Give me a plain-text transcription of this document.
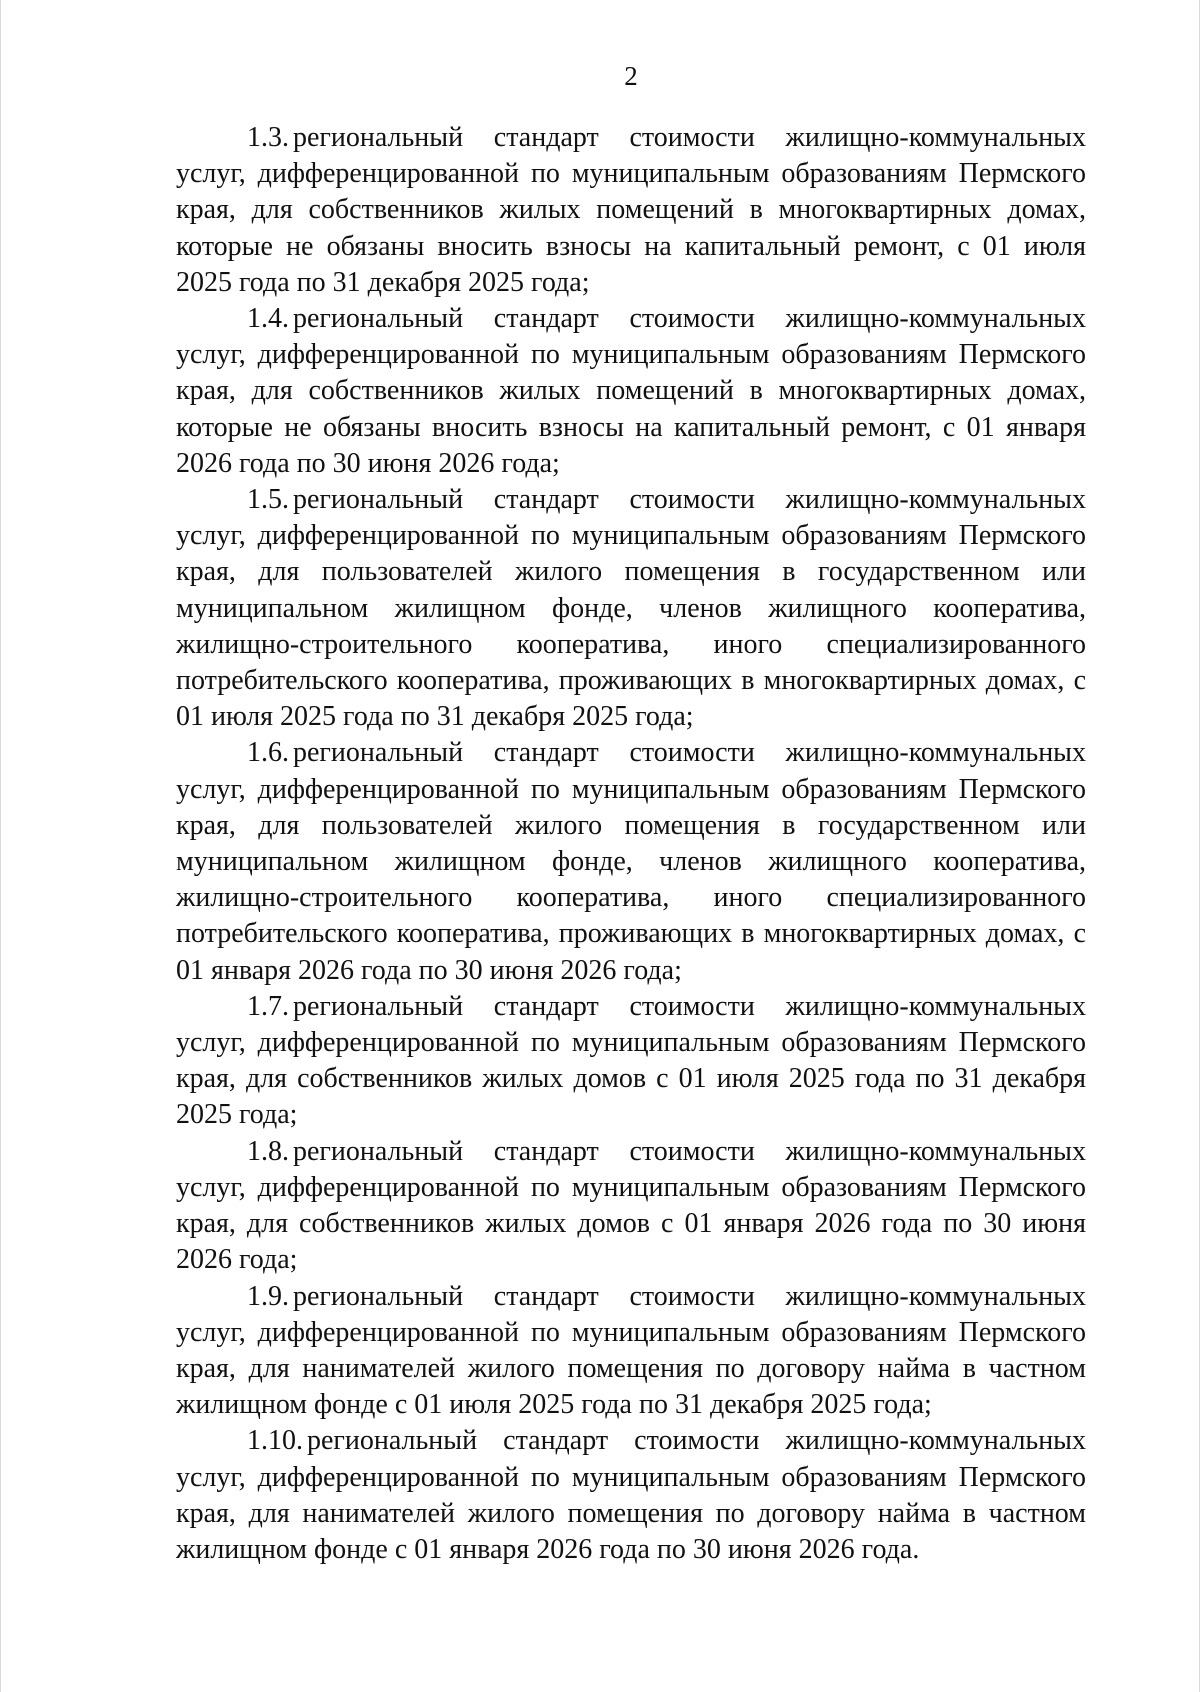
2

1.3. региональный стандарт стоимости жилищно-коммунальных услуг, дифференцированной по муниципальным образованиям Пермского края, для собственников жилых помещений в многоквартирных домах, которые не обязаны вносить взносы на капитальный ремонт, с 01 июля 2025 года по 31 декабря 2025 года;

1.4. региональный стандарт стоимости жилищно-коммунальных услуг, дифференцированной по муниципальным образованиям Пермского края, для собственников жилых помещений в многоквартирных домах, которые не обязаны вносить взносы на капитальный ремонт, с 01 января 2026 года по 30 июня 2026 года;

1.5. региональный стандарт стоимости жилищно-коммунальных услуг, дифференцированной по муниципальным образованиям Пермского края, для пользователей жилого помещения в государственном или муниципальном жилищном фонде, членов жилищного кооператива, жилищно-строительного кооператива, иного специализированного потребительского кооператива, проживающих в многоквартирных домах, с 01 июля 2025 года по 31 декабря 2025 года;

1.6. региональный стандарт стоимости жилищно-коммунальных услуг, дифференцированной по муниципальным образованиям Пермского края, для пользователей жилого помещения в государственном или муниципальном жилищном фонде, членов жилищного кооператива, жилищно-строительного кооператива, иного специализированного потребительского кооператива, проживающих в многоквартирных домах, с 01 января 2026 года по 30 июня 2026 года;

1.7. региональный стандарт стоимости жилищно-коммунальных услуг, дифференцированной по муниципальным образованиям Пермского края, для собственников жилых домов с 01 июля 2025 года по 31 декабря 2025 года;

1.8. региональный стандарт стоимости жилищно-коммунальных услуг, дифференцированной по муниципальным образованиям Пермского края, для собственников жилых домов с 01 января 2026 года по 30 июня 2026 года;

1.9. региональный стандарт стоимости жилищно-коммунальных услуг, дифференцированной по муниципальным образованиям Пермского края, для нанимателей жилого помещения по договору найма в частном жилищном фонде с 01 июля 2025 года по 31 декабря 2025 года;

1.10. региональный стандарт стоимости жилищно-коммунальных услуг, дифференцированной по муниципальным образованиям Пермского края, для нанимателей жилого помещения по договору найма в частном жилищном фонде с 01 января 2026 года по 30 июня 2026 года.
